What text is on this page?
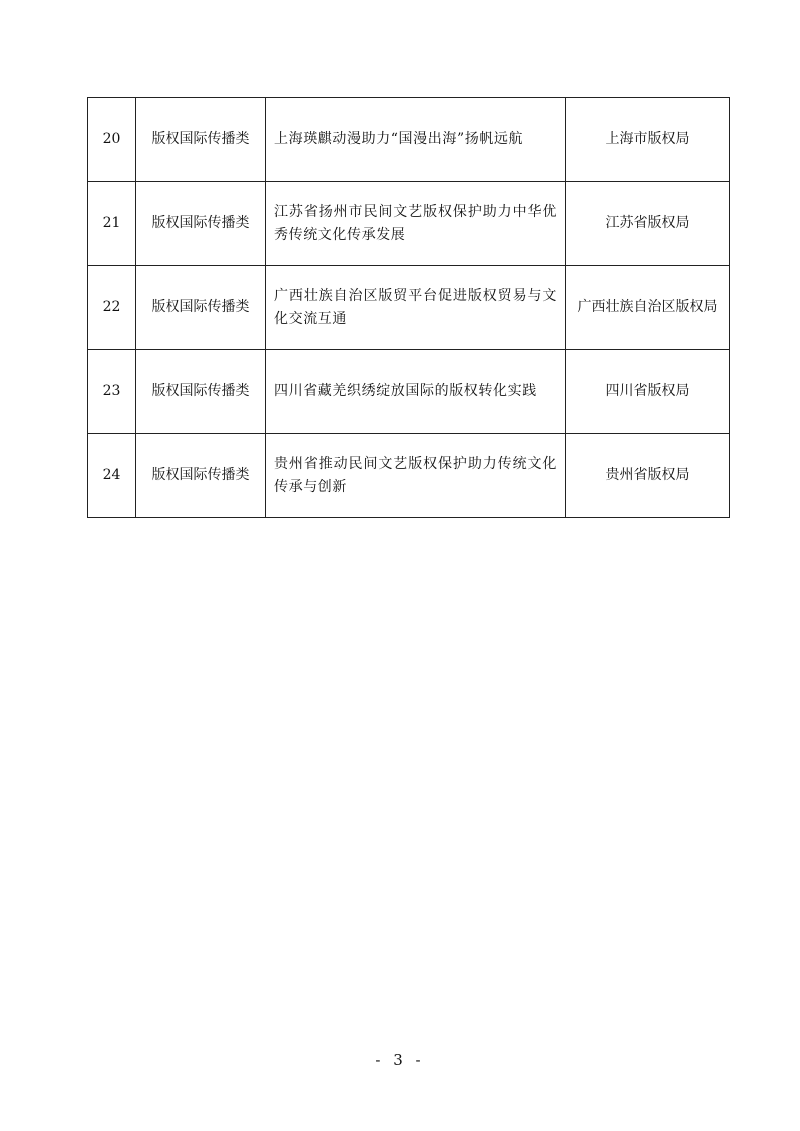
20	版权国际传播类	上海瑛麒动漫助力“国漫出海”扬帆远航	上海市版权局
21	版权国际传播类	江苏省扬州市民间文艺版权保护助力中华优秀传统文化传承发展	江苏省版权局
22	版权国际传播类	广西壮族自治区版贸平台促进版权贸易与文化交流互通	广西壮族自治区版权局
23	版权国际传播类	四川省藏羌织绣绽放国际的版权转化实践	四川省版权局
24	版权国际传播类	贵州省推动民间文艺版权保护助力传统文化传承与创新	贵州省版权局
- 3 -
